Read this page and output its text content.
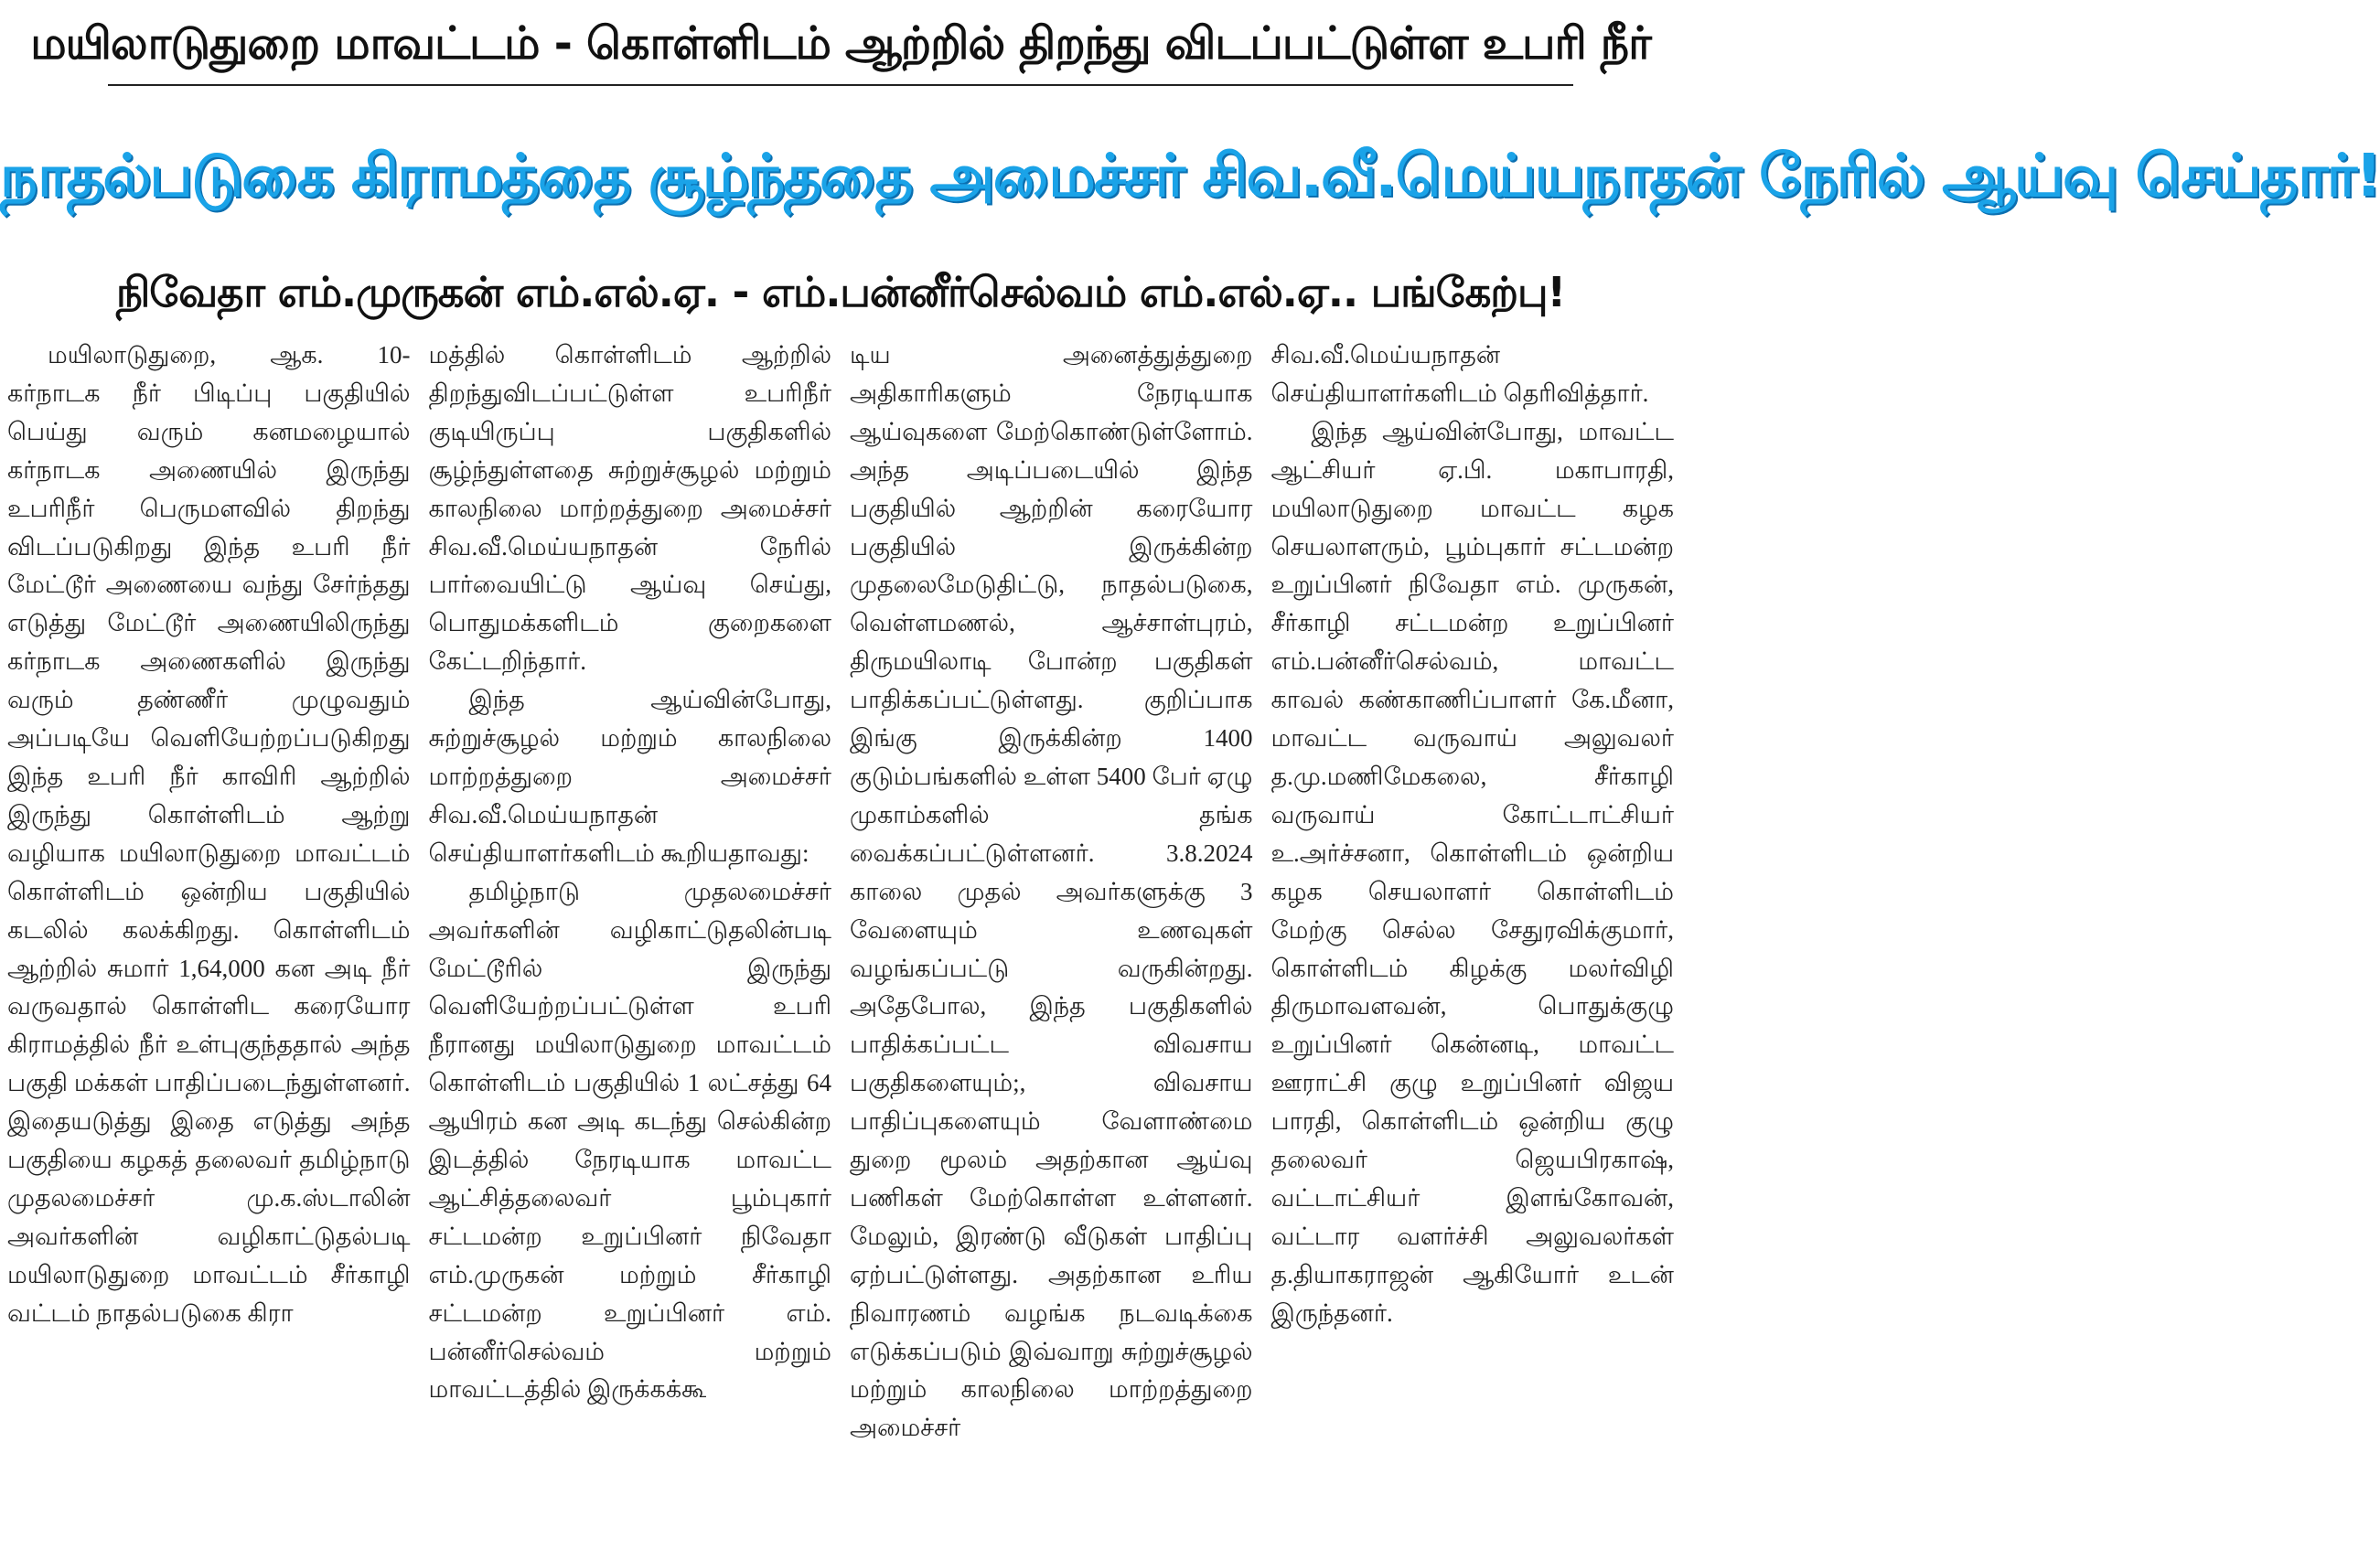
மயிலாடுதுறை மாவட்டம் - கொள்ளிடம் ஆற்றில் திறந்து விடப்பட்டுள்ள உபரி நீர்
நாதல்படுகை கிராமத்தை சூழ்ந்ததை அமைச்சர் சிவ.வீ.மெய்யநாதன் நேரில் ஆய்வு செய்தார்!
நிவேதா எம்.முருகன் எம்.எல்.ஏ. - எம்.பன்னீர்செல்வம் எம்.எல்.ஏ.. பங்கேற்பு!

மயிலாடுதுறை, ஆக. 10- கர்நாடக நீர் பிடிப்பு பகுதியில் பெய்து வரும் கனமழையால் கர்நாடக அணையில் இருந்து உபரிநீர் பெருமளவில் திறந்து விடப்படுகிறது இந்த உபரி நீர் மேட்டூர் அணையை வந்து சேர்ந்தது எடுத்து மேட்டூர் அணையிலிருந்து கர்நாடக அணைகளில் இருந்து வரும் தண்ணீர் முழுவதும் அப்படியே வெளியேற்றப்படுகிறது இந்த உபரி நீர் காவிரி ஆற்றில் இருந்து கொள்ளிடம் ஆற்று வழியாக மயிலாடுதுறை மாவட்டம் கொள்ளிடம் ஒன்றிய பகுதியில் கடலில் கலக்கிறது. கொள்ளிடம் ஆற்றில் சுமார் 1,64,000 கன அடி நீர் வருவதால் கொள்ளிட கரையோர கிராமத்தில் நீர் உள்புகுந்ததால் அந்த பகுதி மக்கள் பாதிப்படைந்துள்ளனர். இதையடுத்து இதை எடுத்து அந்த பகுதியை கழகத் தலைவர் தமிழ்நாடு முதலமைச்சர் மு.க.ஸ்டாலின் அவர்களின் வழிகாட்டுதல்படி மயிலாடுதுறை மாவட்டம் சீர்காழி வட்டம் நாதல்படுகை கிரா

மத்தில் கொள்ளிடம் ஆற்றில் திறந்துவிடப்பட்டுள்ள உபரிநீர் குடியிருப்பு பகுதிகளில் சூழ்ந்துள்ளதை சுற்றுச்சூழல் மற்றும் காலநிலை மாற்றத்துறை அமைச்சர் சிவ.வீ.மெய்யநாதன் நேரில் பார்வையிட்டு ஆய்வு செய்து, பொதுமக்களிடம் குறைகளை கேட்டறிந்தார்.

இந்த ஆய்வின்போது, சுற்றுச்சூழல் மற்றும் காலநிலை மாற்றத்துறை அமைச்சர் சிவ.வீ.மெய்யநாதன் செய்தியாளர்களிடம் கூறியதாவது:

தமிழ்நாடு முதலமைச்சர் அவர்களின் வழிகாட்டுதலின்படி மேட்டூரில் இருந்து வெளியேற்றப்பட்டுள்ள உபரி நீரானது மயிலாடுதுறை மாவட்டம் கொள்ளிடம் பகுதியில் 1 லட்சத்து 64 ஆயிரம் கன அடி கடந்து செல்கின்ற இடத்தில் நேரடியாக மாவட்ட ஆட்சித்தலைவர் பூம்புகார் சட்டமன்ற உறுப்பினர் நிவேதா எம்.முருகன் மற்றும் சீர்காழி சட்டமன்ற உறுப்பினர் எம். பன்னீர்செல்வம் மற்றும் மாவட்டத்தில் இருக்கக்கூ

டிய அனைத்துத்துறை அதிகாரிகளும் நேரடியாக ஆய்வுகளை மேற்கொண்டுள்ளோம். அந்த அடிப்படையில் இந்த பகுதியில் ஆற்றின் கரையோர பகுதியில் இருக்கின்ற முதலைமேடுதிட்டு, நாதல்படுகை, வெள்ளமணல், ஆச்சாள்புரம், திருமயிலாடி போன்ற பகுதிகள் பாதிக்கப்பட்டுள்ளது. குறிப்பாக இங்கு இருக்கின்ற 1400 குடும்பங்களில் உள்ள 5400 பேர் ஏழு முகாம்களில் தங்க வைக்கப்பட்டுள்ளனர். 3.8.2024 காலை முதல் அவர்களுக்கு 3 வேளையும் உணவுகள் வழங்கப்பட்டு வருகின்றது. அதேபோல, இந்த பகுதிகளில் பாதிக்கப்பட்ட விவசாய பகுதிகளையும்;, விவசாய பாதிப்புகளையும் வேளாண்மை துறை மூலம் அதற்கான ஆய்வு பணிகள் மேற்கொள்ள உள்ளனர். மேலும், இரண்டு வீடுகள் பாதிப்பு ஏற்பட்டுள்ளது. அதற்கான உரிய நிவாரணம் வழங்க நடவடிக்கை எடுக்கப்படும் இவ்வாறு சுற்றுச்சூழல் மற்றும் காலநிலை மாற்றத்துறை அமைச்சர்

சிவ.வீ.மெய்யநாதன் செய்தியாளர்களிடம் தெரிவித்தார்.

இந்த ஆய்வின்போது, மாவட்ட ஆட்சியர் ஏ.பி. மகாபாரதி, மயிலாடுதுறை மாவட்ட கழக செயலாளரும், பூம்புகார் சட்டமன்ற உறுப்பினர் நிவேதா எம். முருகன், சீர்காழி சட்டமன்ற உறுப்பினர் எம்.பன்னீர்செல்வம், மாவட்ட காவல் கண்காணிப்பாளர் கே.மீனா, மாவட்ட வருவாய் அலுவலர் த.மு.மணிமேகலை, சீர்காழி வருவாய் கோட்டாட்சியர் உ.அர்ச்சனா, கொள்ளிடம் ஒன்றிய கழக செயலாளர் கொள்ளிடம் மேற்கு செல்ல சேதுரவிக்குமார், கொள்ளிடம் கிழக்கு மலர்விழி திருமாவளவன், பொதுக்குழு உறுப்பினர் கென்னடி, மாவட்ட ஊராட்சி குழு உறுப்பினர் விஜய பாரதி, கொள்ளிடம் ஒன்றிய குழு தலைவர் ஜெயபிரகாஷ், வட்டாட்சியர் இளங்கோவன், வட்டார வளர்ச்சி அலுவலர்கள் த.தியாகராஜன் ஆகியோர் உடன் இருந்தனர்.
